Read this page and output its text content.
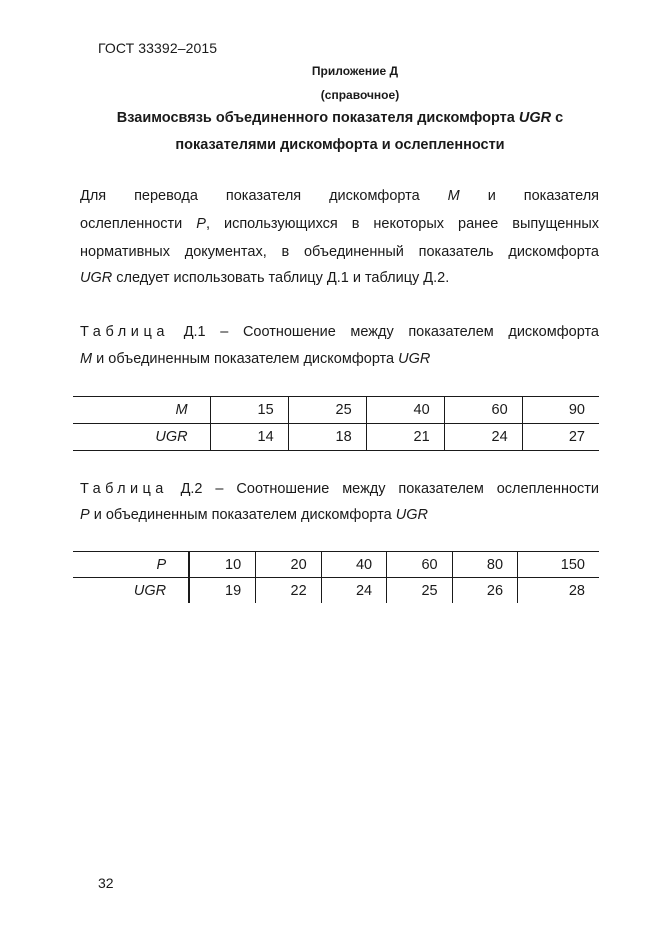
ГОСТ 33392–2015
Приложение Д
(справочное)
Взаимосвязь объединенного показателя дискомфорта UGR с
показателями дискомфорта и ослепленности
Для перевода показателя дискомфорта М и показателя
ослепленности Р, использующихся в некоторых ранее выпущенных
нормативных документах, в объединенный показатель дискомфорта
UGR следует использовать таблицу Д.1 и таблицу Д.2.
Таблица Д.1 – Соотношение между показателем дискомфорта
М и объединенным показателем дискомфорта UGR
М	15	25	40	60	90
UGR	14	18	21	24	27
Таблица Д.2 – Соотношение между показателем ослепленности
Р и объединенным показателем дискомфорта UGR
Р	10	20	40	60	80	150
UGR	19	22	24	25	26	28
32
